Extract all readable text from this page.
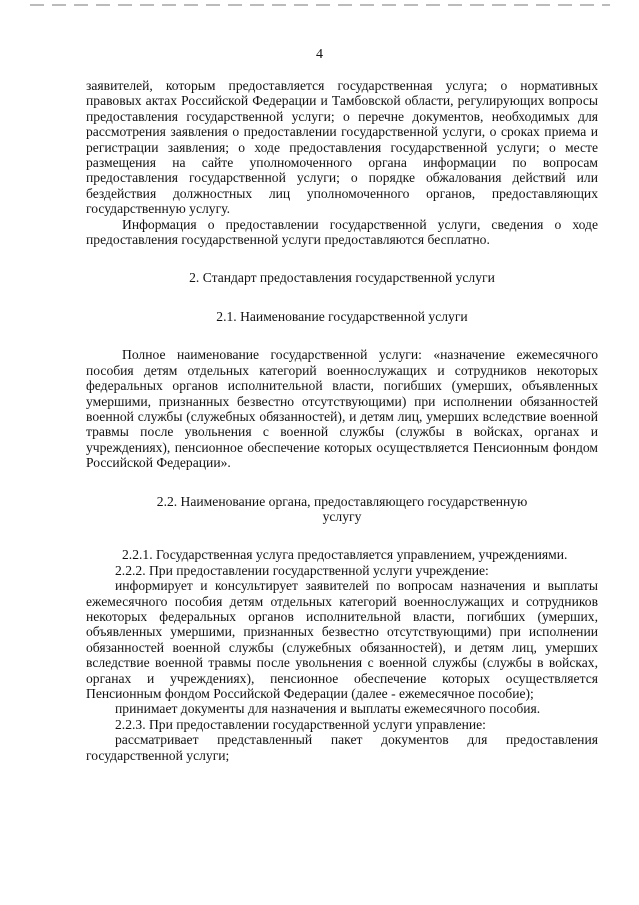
4

заявителей, которым предоставляется государственная услуга; о нормативных правовых актах Российской Федерации и Тамбовской области, регулирующих вопросы предоставления государственной услуги; о перечне документов, необходимых для рассмотрения заявления о предоставлении государственной услуги, о сроках приема и регистрации заявления; о ходе предоставления государственной услуги; о месте размещения на сайте уполномоченного органа информации по вопросам предоставления государственной услуги; о порядке обжалования действий или бездействия должностных лиц уполномоченного органов, предоставляющих государственную услугу.

Информация о предоставлении государственной услуги, сведения о ходе предоставления государственной услуги предоставляются бесплатно.

2. Стандарт предоставления государственной услуги

2.1. Наименование государственной услуги

Полное наименование государственной услуги: «назначение ежемесячного пособия детям отдельных категорий военнослужащих и сотрудников некоторых федеральных органов исполнительной власти, погибших (умерших, объявленных умершими, признанных безвестно отсутствующими) при исполнении обязанностей военной службы (служебных обязанностей), и детям лиц, умерших вследствие военной травмы после увольнения с военной службы (службы в войсках, органах и учреждениях), пенсионное обеспечение которых осуществляется Пенсионным фондом Российской Федерации».

2.2. Наименование органа, предоставляющего государственную

услугу

2.2.1. Государственная услуга предоставляется управлением, учреждениями.

2.2.2. При предоставлении государственной услуги учреждение:

информирует и консультирует заявителей по вопросам назначения и выплаты ежемесячного пособия детям отдельных категорий военнослужащих и сотрудников некоторых федеральных органов исполнительной власти, погибших (умерших, объявленных умершими, признанных безвестно отсутствующими) при исполнении обязанностей военной службы (служебных обязанностей), и детям лиц, умерших вследствие военной травмы после увольнения с военной службы (службы в войсках, органах и учреждениях), пенсионное обеспечение которых осуществляется Пенсионным фондом Российской Федерации (далее - ежемесячное пособие);

принимает документы для назначения и выплаты ежемесячного пособия.

2.2.3. При предоставлении государственной услуги управление:

рассматривает представленный пакет документов для предоставления государственной услуги;
